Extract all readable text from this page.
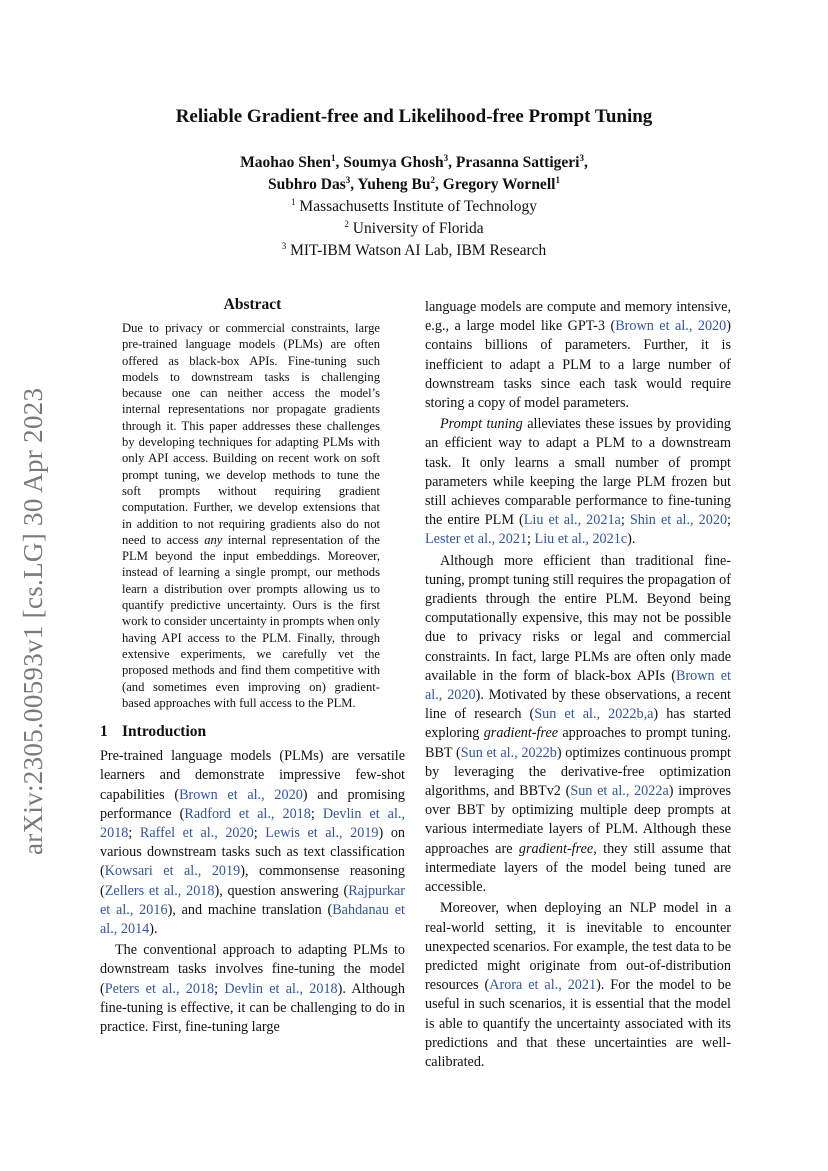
Reliable Gradient-free and Likelihood-free Prompt Tuning
Maohao Shen$^1$, Soumya Ghosh$^3$, Prasanna Sattigeri$^3$,
Subhro Das$^3$, Yuheng Bu$^2$, Gregory Wornell$^1$
$^1$ Massachusetts Institute of Technology
$^2$ University of Florida
$^3$ MIT-IBM Watson AI Lab, IBM Research
arXiv:2305.00593v1 [cs.LG] 30 Apr 2023
Abstract

Due to privacy or commercial constraints, large pre-trained language models (PLMs) are often offered as black-box APIs. Fine-tuning such models to downstream tasks is challenging because one can neither access the model’s internal representations nor propagate gradients through it. This paper addresses these challenges by developing techniques for adapting PLMs with only API access. Building on recent work on soft prompt tuning, we develop methods to tune the soft prompts without requiring gradient computation. Further, we develop extensions that in addition to not requiring gradients also do not need to access any internal representation of the PLM beyond the input embeddings. Moreover, instead of learning a single prompt, our methods learn a distribution over prompts allowing us to quantify predictive uncertainty. Ours is the first work to consider uncertainty in prompts when only having API access to the PLM. Finally, through extensive experiments, we carefully vet the proposed methods and find them competitive with (and sometimes even improving on) gradient-based approaches with full access to the PLM.

1 Introduction

Pre-trained language models (PLMs) are versatile learners and demonstrate impressive few-shot capabilities (Brown et al., 2020) and promising performance (Radford et al., 2018; Devlin et al., 2018; Raffel et al., 2020; Lewis et al., 2019) on various downstream tasks such as text classification (Kowsari et al., 2019), commonsense reasoning (Zellers et al., 2018), question answering (Rajpurkar et al., 2016), and machine translation (Bahdanau et al., 2014).

The conventional approach to adapting PLMs to downstream tasks involves fine-tuning the model (Peters et al., 2018; Devlin et al., 2018). Although fine-tuning is effective, it can be challenging to do in practice. First, fine-tuning large

language models are compute and memory intensive, e.g., a large model like GPT-3 (Brown et al., 2020) contains billions of parameters. Further, it is inefficient to adapt a PLM to a large number of downstream tasks since each task would require storing a copy of model parameters.

Prompt tuning alleviates these issues by providing an efficient way to adapt a PLM to a downstream task. It only learns a small number of prompt parameters while keeping the large PLM frozen but still achieves comparable performance to fine-tuning the entire PLM (Liu et al., 2021a; Shin et al., 2020; Lester et al., 2021; Liu et al., 2021c).

Although more efficient than traditional fine-tuning, prompt tuning still requires the propagation of gradients through the entire PLM. Beyond being computationally expensive, this may not be possible due to privacy risks or legal and commercial constraints. In fact, large PLMs are often only made available in the form of black-box APIs (Brown et al., 2020). Motivated by these observations, a recent line of research (Sun et al., 2022b,a) has started exploring gradient-free approaches to prompt tuning. BBT (Sun et al., 2022b) optimizes continuous prompt by leveraging the derivative-free optimization algorithms, and BBTv2 (Sun et al., 2022a) improves over BBT by optimizing multiple deep prompts at various intermediate layers of PLM. Although these approaches are gradient-free, they still assume that intermediate layers of the model being tuned are accessible.

Moreover, when deploying an NLP model in a real-world setting, it is inevitable to encounter unexpected scenarios. For example, the test data to be predicted might originate from out-of-distribution resources (Arora et al., 2021). For the model to be useful in such scenarios, it is essential that the model is able to quantify the uncertainty associated with its predictions and that these uncertainties are well-calibrated.
